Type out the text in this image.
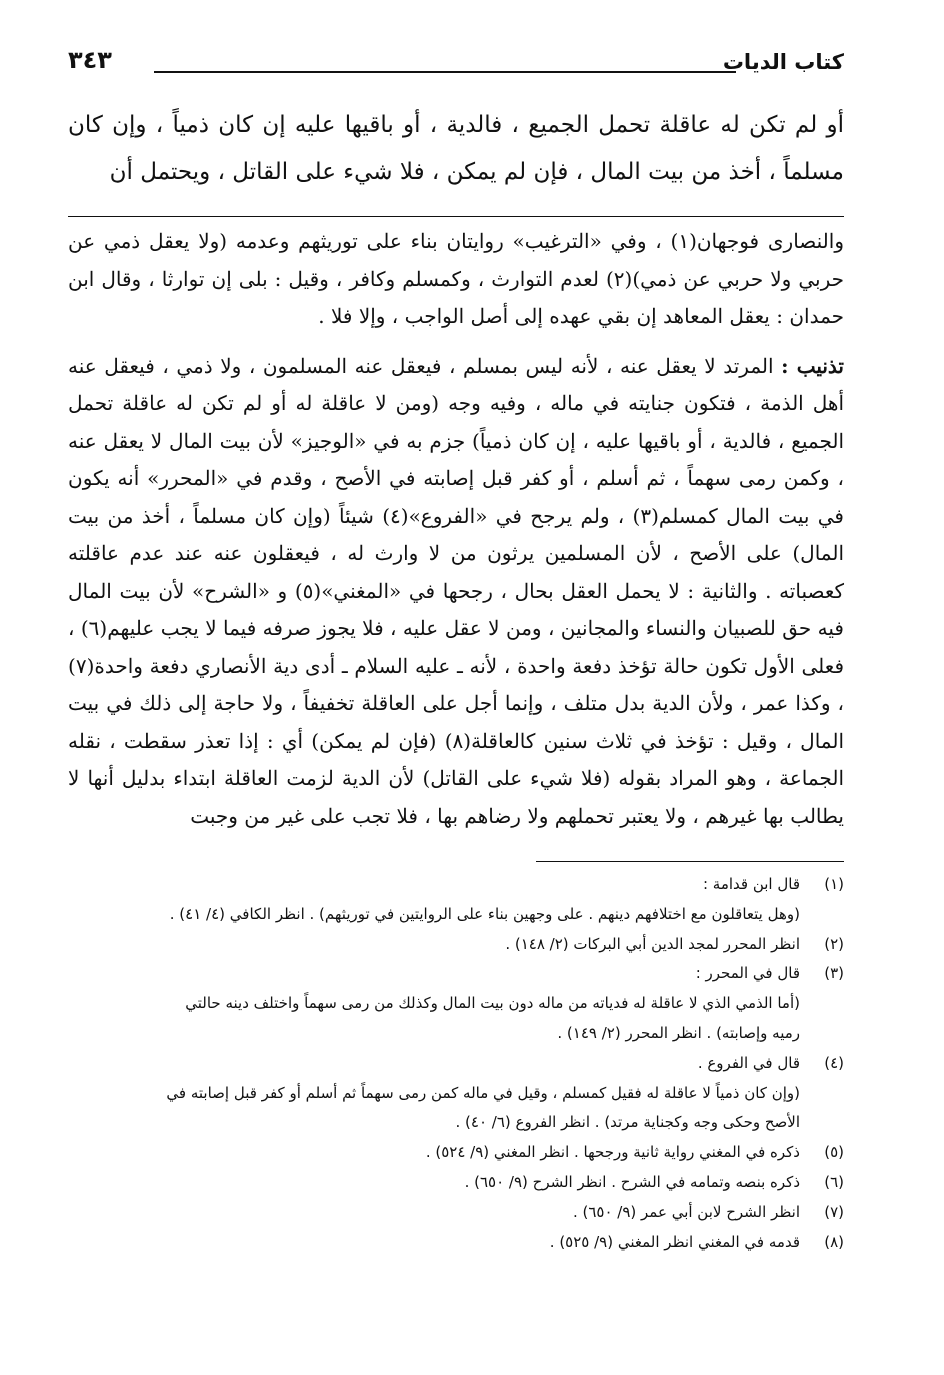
كتاب الديات
٣٤٣

أو لم تكن له عاقلة تحمل الجميع ، فالدية ، أو باقيها عليه إن كان ذمياً ، وإن كان مسلماً ، أخذ من بيت المال ، فإن لم يمكن ، فلا شيء على القاتل ، ويحتمل أن

والنصارى فوجهان(١) ، وفي «الترغيب» روايتان بناء على توريثهم وعدمه (ولا يعقل ذمي عن حربي ولا حربي عن ذمي)(٢) لعدم التوارث ، وكمسلم وكافر ، وقيل : بلى إن توارثا ، وقال ابن حمدان : يعقل المعاهد إن بقي عهده إلى أصل الواجب ، وإلا فلا .

تذنيب : المرتد لا يعقل عنه ، لأنه ليس بمسلم ، فيعقل عنه المسلمون ، ولا ذمي ، فيعقل عنه أهل الذمة ، فتكون جنايته في ماله ، وفيه وجه (ومن لا عاقلة له أو لم تكن له عاقلة تحمل الجميع ، فالدية ، أو باقيها عليه ، إن كان ذمياً) جزم به في «الوجيز» لأن بيت المال لا يعقل عنه ، وكمن رمى سهماً ، ثم أسلم ، أو كفر قبل إصابته في الأصح ، وقدم في «المحرر» أنه يكون في بيت المال كمسلم(٣) ، ولم يرجح في «الفروع»(٤) شيئاً (وإن كان مسلماً ، أخذ من بيت المال) على الأصح ، لأن المسلمين يرثون من لا وارث له ، فيعقلون عنه عند عدم عاقلته كعصباته . والثانية : لا يحمل العقل بحال ، رجحها في «المغني»(٥) و «الشرح» لأن بيت المال فيه حق للصبيان والنساء والمجانين ، ومن لا عقل عليه ، فلا يجوز صرفه فيما لا يجب عليهم(٦) ، فعلى الأول تكون حالة تؤخذ دفعة واحدة ، لأنه ـ عليه السلام ـ أدى دية الأنصاري دفعة واحدة(٧) ، وكذا عمر ، ولأن الدية بدل متلف ، وإنما أجل على العاقلة تخفيفاً ، ولا حاجة إلى ذلك في بيت المال ، وقيل : تؤخذ في ثلاث سنين كالعاقلة(٨) (فإن لم يمكن) أي : إذا تعذر سقطت ، نقله الجماعة ، وهو المراد بقوله (فلا شيء على القاتل) لأن الدية لزمت العاقلة ابتداء بدليل أنها لا يطالب بها غيرهم ، ولا يعتبر تحملهم ولا رضاهم بها ، فلا تجب على غير من وجبت

(١)
قال ابن قدامة :
(وهل يتعاقلون مع اختلافهم دينهم . على وجهين بناء على الروايتين في توريثهم) . انظر الكافي (٤/ ٤١) .
(٢)
انظر المحرر لمجد الدين أبي البركات (٢/ ١٤٨) .
(٣)
قال في المحرر :
(أما الذمي الذي لا عاقلة له فدياته من ماله دون بيت المال وكذلك من رمى سهماً واختلف دينه حالتي
رميه وإصابته) . انظر المحرر (٢/ ١٤٩) .
(٤)
قال في الفروع .
(وإن كان ذمياً لا عاقلة له فقيل كمسلم ، وقيل في ماله كمن رمى سهماً ثم أسلم أو كفر قبل إصابته في
الأصح وحكى وجه وكجناية مرتد) . انظر الفروع (٦/ ٤٠) .
(٥)
ذكره في المغني رواية ثانية ورجحها . انظر المغني (٩/ ٥٢٤) .
(٦)
ذكره بنصه وتمامه في الشرح . انظر الشرح (٩/ ٦٥٠) .
(٧)
انظر الشرح لابن أبي عمر (٩/ ٦٥٠) .
(٨)
قدمه في المغني انظر المغني (٩/ ٥٢٥) .
